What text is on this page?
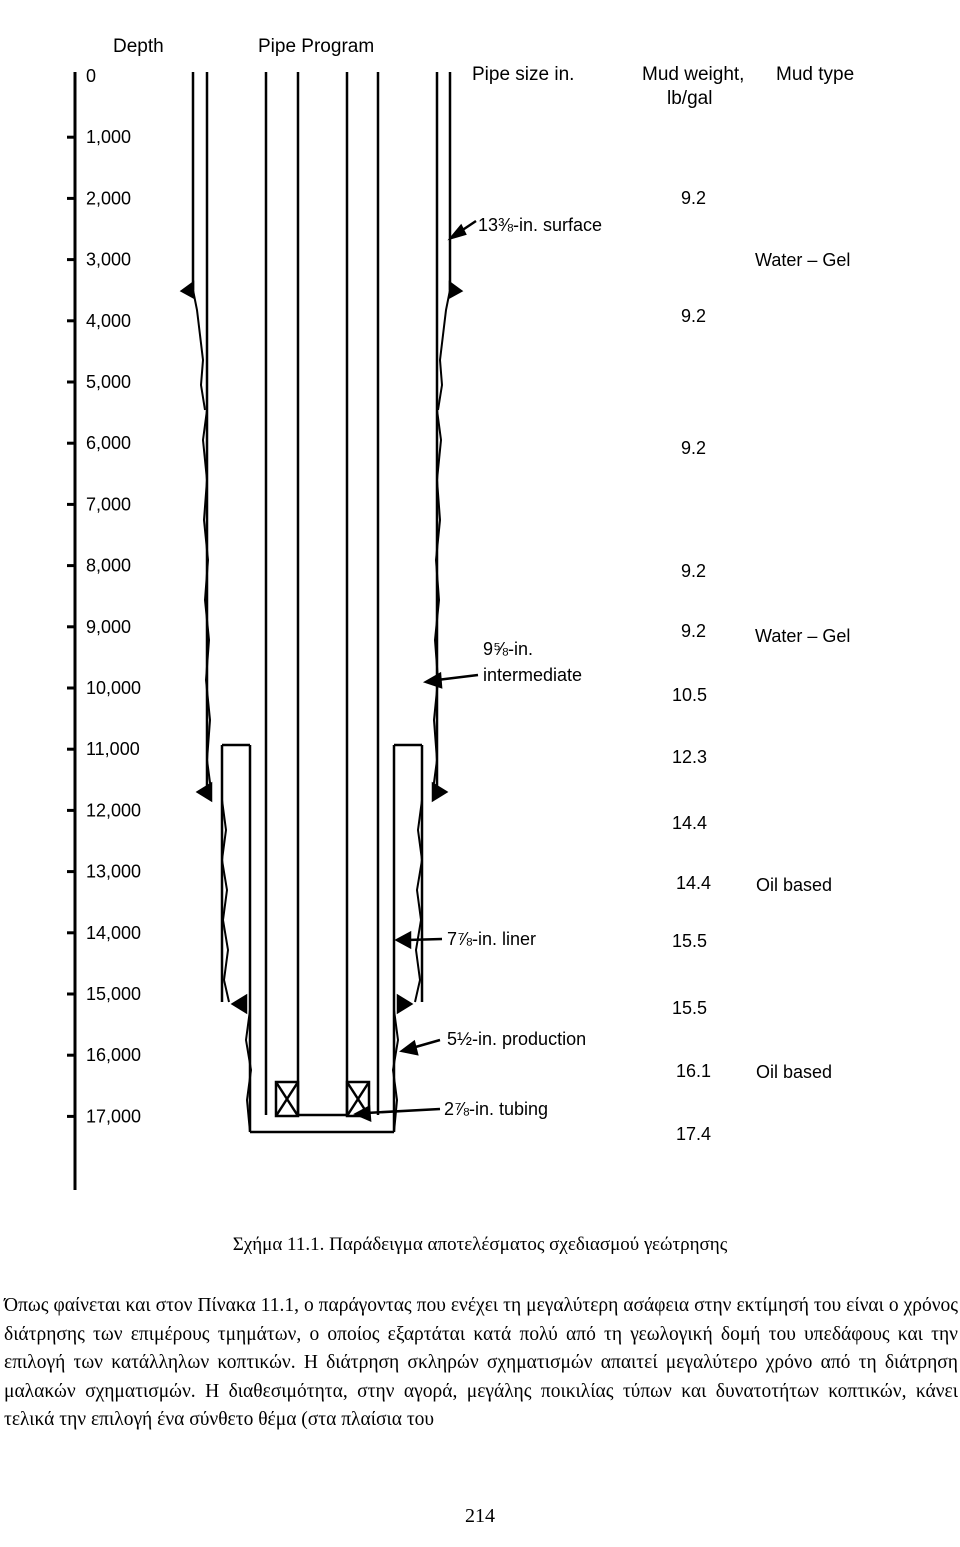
Depth	Pipe Program
Pipe size in.	Mud weight,
lb/gal
Mud type
0
1,000
2,000
3,000
4,000
5,000
6,000
7,000
8,000
9,000
10,000
11,000
12,000
13,000
14,000
15,000
16,000
17,000
13⅜-in. surface
9⅝-in.
intermediate
7⅞-in. liner
5½-in. production
2⅞-in. tubing
9.2
9.2
9.2
9.2
9.2
10.5
12.3
14.4
14.4
15.5
15.5
16.1
17.4
Water – Gel
Water – Gel
Oil based
Oil based
Σχήμα 11.1. Παράδειγμα αποτελέσματος σχεδιασμού γεώτρησης

Όπως φαίνεται και στον Πίνακα 11.1, ο παράγοντας που ενέχει τη μεγαλύτερη ασάφεια στην εκτίμησή του είναι ο χρόνος διάτρησης των επιμέρους τμημάτων, ο οποίος εξαρτάται κατά πολύ από τη γεωλογική δομή του υπεδάφους και την επιλογή των κατάλληλων κοπτικών. Η διάτρηση σκληρών σχηματισμών απαιτεί μεγαλύτερο χρόνο από τη διάτρηση μαλακών σχηματισμών. Η διαθεσιμότητα, στην αγορά, μεγάλης ποικιλίας τύπων και δυνατοτήτων κοπτικών, κάνει τελικά την επιλογή ένα σύνθετο θέμα (στα πλαίσια του

214
